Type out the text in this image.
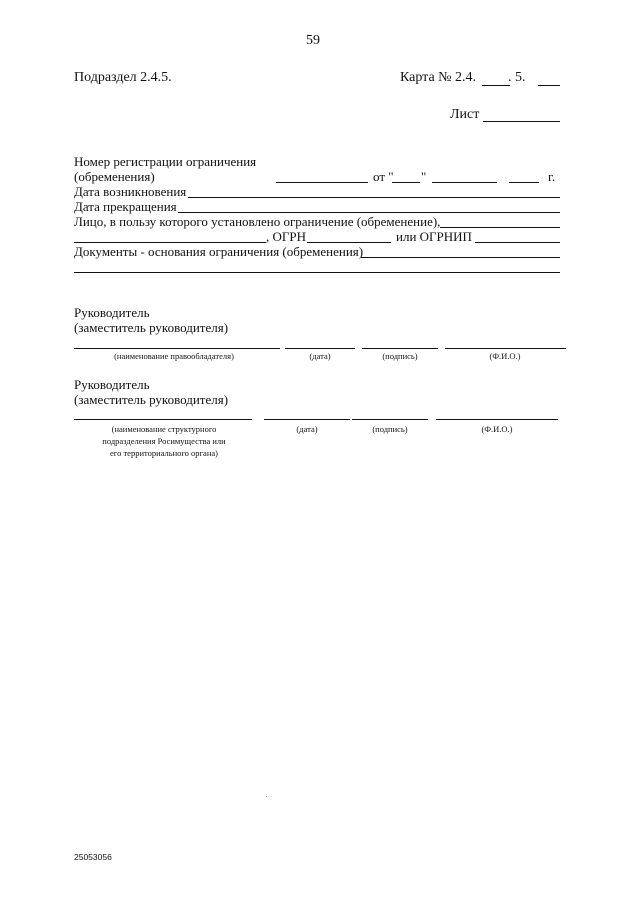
59
Подраздел 2.4.5.	Карта № 2.4. . 5.
Лист
Номер регистрации ограничения
(обременения)	от " "	г.
Дата возникновения
Дата прекращения
Лицо, в пользу которого установлено ограничение (обременение),
, ОГРН	или ОГРНИП
Документы - основания ограничения (обременения)
Руководитель
(заместитель руководителя)
(наименование правообладателя)	(дата)	(подпись)	(Ф.И.О.)
Руководитель
(заместитель руководителя)
(наименование структурного
подразделения Росимущества или
его территориального органа)
(дата)	(подпись)	(Ф.И.О.)
25053056
